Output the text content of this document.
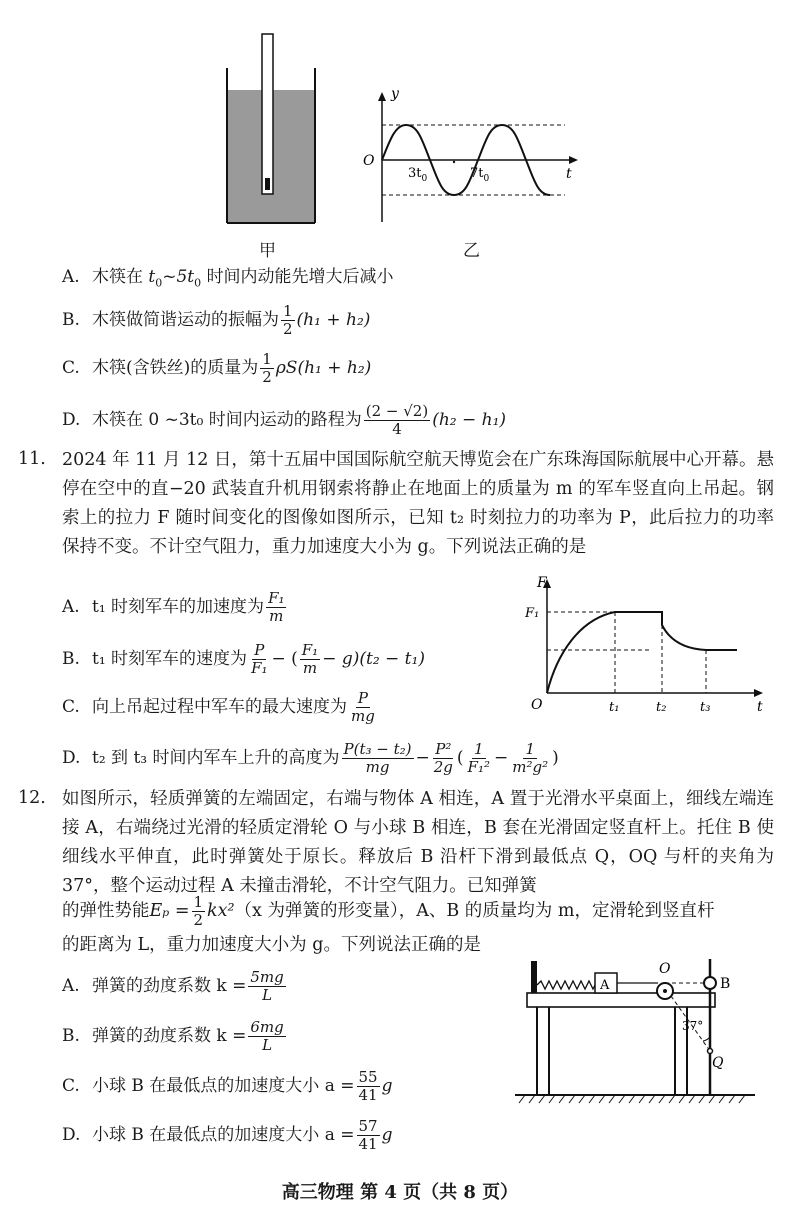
甲
y
t
O
$3t_0$	$7t_0$
乙
A. 木筷在 $t_0\sim 5t_0$ 时间内动能先增大后减小
B. 木筷做简谐运动的振幅为 $\frac{1}{2} (h_1 + h_2)$
C. 木筷(含铁丝)的质量为 $\frac{1}{2} \rho S(h_1 + h_2)$
D. 木筷在 0 ~3t₀ 时间内运动的路程为 $\frac{(2 - √2)}{4} (h_2 - h_1)$
11. 2024 年 11 月 12 日，第十五届中国国际航空航天博览会在广东珠海国际航展中心开幕。悬停在空中的直−20 武装直升机用钢索将静止在地面上的质量为 m 的军车竖直向上吊起。钢索上的拉力 F 随时间变化的图像如图所示，已知 t₂ 时刻拉力的功率为 P，此后拉力的功率保持不变。不计空气阻力，重力加速度大小为 g。下列说法正确的是
F
t
O
F₁
t₁	t₂	t₃
A. t₁ 时刻军车的加速度为 $\frac{\text{F₁}}{m}$
B. t₁ 时刻军车的速度为 $\frac{P}{\text{F₁}}$ − ( $\frac{\text{F₁}}{m} - g)(t_2 - t_1)$
C. 向上吊起过程中军车的最大速度为 $\frac{P}{mg}$
D. t₂ 到 t₃ 时间内军车上升的高度为 $\frac{\text{P(t₃ − t₂)}}{mg} - \frac{\text{P²}}{2g}$ ( $\frac{1}{\text{F₁²}} - \frac{1}{\text{m²g²}}$ )
12. 如图所示，轻质弹簧的左端固定，右端与物体 A 相连，A 置于光滑水平桌面上，细线左端连接 A，右端绕过光滑的轻质定滑轮 O 与小球 B 相连，B 套在光滑固定竖直杆上。托住 B 使细线水平伸直，此时弹簧处于原长。释放后 B 沿杆下滑到最低点 Q，OQ 与杆的夹角为 37°，整个运动过程 A 未撞击滑轮，不计空气阻力。已知弹簧
的弹性势能$E_p = \frac{1}{2} kx^2(x$ 为弹簧的形变量），A、B 的质量均为 m，定滑轮到竖直杆
的距离为 L，重力加速度大小为 g。下列说法正确的是
A
O
B
37°
Q
A. 弹簧的劲度系数 $k = \frac{5mg}{L}$
B. 弹簧的劲度系数 $k = \frac{6mg}{L}$
C. 小球 B 在最低点的加速度大小 $a = \frac{55}{41}$ g
D. 小球 B 在最低点的加速度大小 $a = \frac{57}{41}$ g
高三物理 第 4 页（共 8 页）
